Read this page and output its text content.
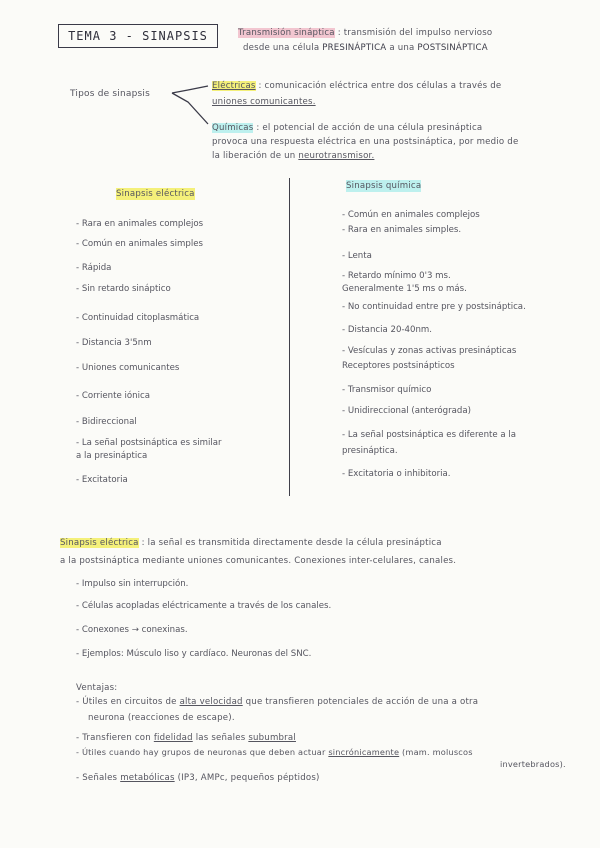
TEMA 3 - SINAPSIS	Transmisión sináptica : transmisión del impulso nervioso
desde una célula PRESINÁPTICA a una POSTSINÁPTICA
Tipos de sinapsis
Eléctricas : comunicación eléctrica entre dos células a través de
uniones comunicantes.
Químicas : el potencial de acción de una célula presináptica
provoca una respuesta eléctrica en una postsináptica, por medio de
la liberación de un neurotransmisor.
Sinapsis eléctrica
Sinapsis química
- Rara en animales complejos
- Común en animales simples
- Rápida
- Sin retardo sináptico
- Continuidad citoplasmática
- Distancia 3'5nm
- Uniones comunicantes
- Corriente iónica
- Bidireccional
- La señal postsináptica es similar
a la presináptica
- Excitatoria
- Común en animales complejos
- Rara en animales simples.
- Lenta
- Retardo mínimo 0'3 ms.
Generalmente 1'5 ms o más.
- No continuidad entre pre y postsináptica.
- Distancia 20-40nm.
- Vesículas y zonas activas presinápticas
Receptores postsinápticos
- Transmisor químico
- Unidireccional (anterógrada)
- La señal postsináptica es diferente a la
presináptica.
- Excitatoria o inhibitoria.
Sinapsis eléctrica : la señal es transmitida directamente desde la célula presináptica
a la postsináptica mediante uniones comunicantes. Conexiones inter-celulares, canales.
- Impulso sin interrupción.
- Células acopladas eléctricamente a través de los canales.
- Conexones → conexinas.
- Ejemplos: Músculo liso y cardíaco. Neuronas del SNC.
Ventajas:
- Útiles en circuitos de alta velocidad que transfieren potenciales de acción de una a otra
neurona (reacciones de escape).
- Transfieren con fidelidad las señales subumbral
- Útiles cuando hay grupos de neuronas que deben actuar sincrónicamente (mam. moluscos
invertebrados).
- Señales metabólicas (IP3, AMPc, pequeños péptidos)
